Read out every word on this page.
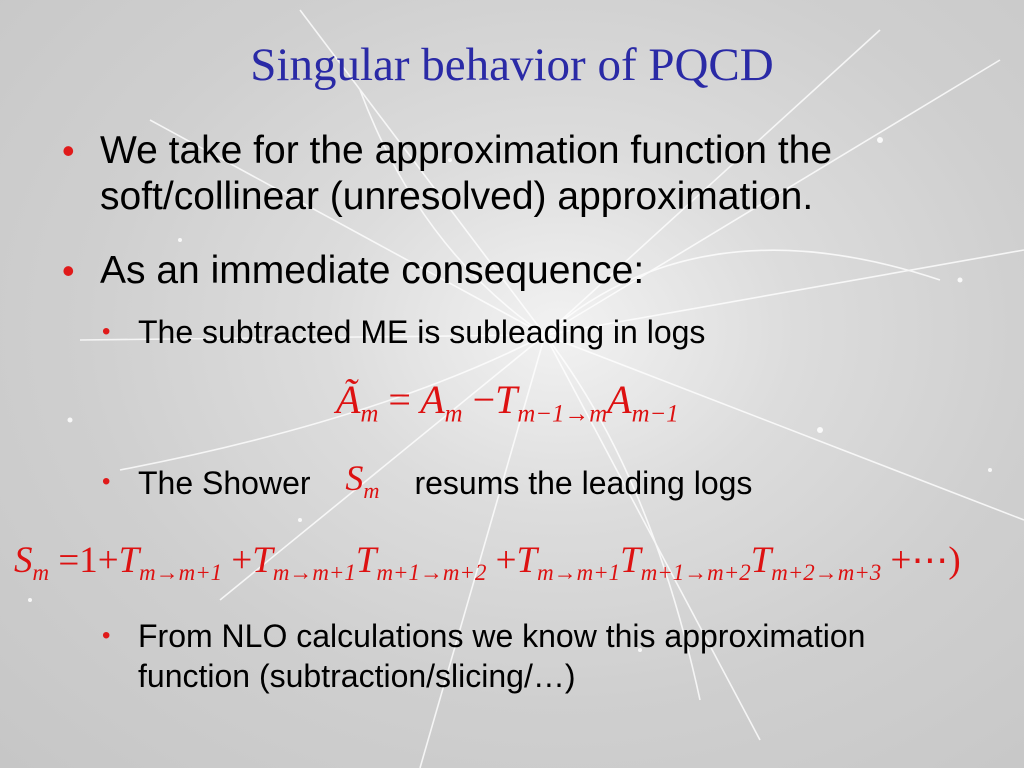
Singular behavior of PQCD
• We take for the approximation function the soft/collinear (unresolved) approximation.
• As an immediate consequence:
• The subtracted ME is subleading in logs
$Ã_m = A_m -T_{m-1\to m}A_{m-1}$
• The Shower $S_m$ resums the leading logs
$S_m =1+T_{m\to m+1} +T_{m\to m+1}T_{m+1\to m+2} +T_{m\to m+1}T_{m+1\to m+2}T_{m+2\to m+3}$ +⋯)
• From NLO calculations we know this approximation function (subtraction/slicing/…)
